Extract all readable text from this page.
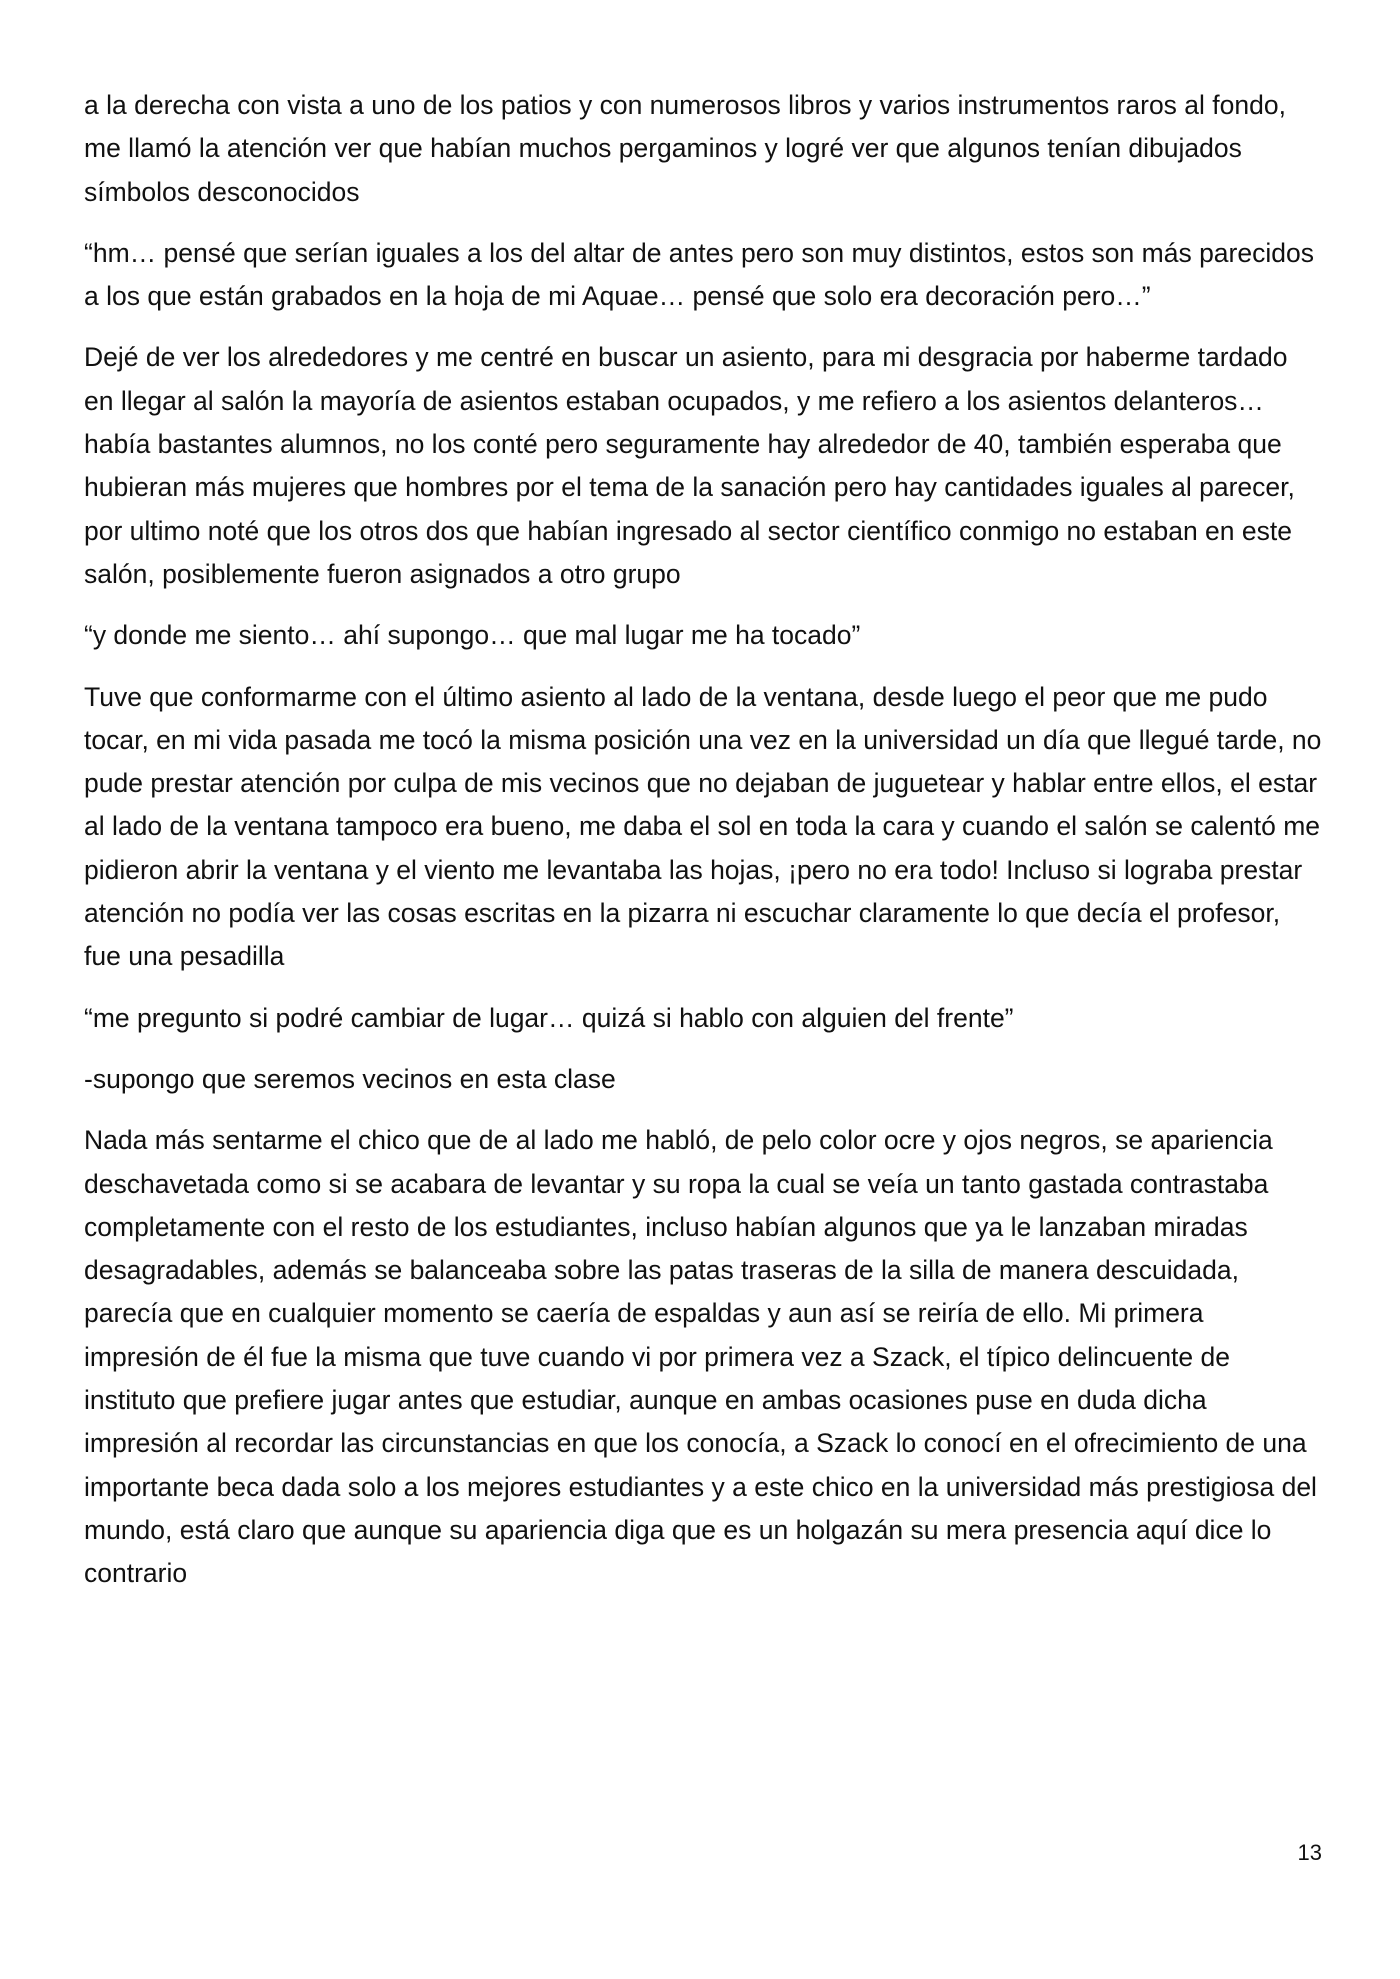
a la derecha con vista a uno de los patios y con numerosos libros y varios instrumentos raros al fondo, me llamó la atención ver que habían muchos pergaminos y logré ver que algunos tenían dibujados símbolos desconocidos

“hm… pensé que serían iguales a los del altar de antes pero son muy distintos, estos son más parecidos a los que están grabados en la hoja de mi Aquae… pensé que solo era decoración pero…”

Dejé de ver los alrededores y me centré en buscar un asiento, para mi desgracia por haberme tardado en llegar al salón la mayoría de asientos estaban ocupados, y me refiero a los asientos delanteros… había bastantes alumnos, no los conté pero seguramente hay alrededor de 40, también esperaba que hubieran más mujeres que hombres por el tema de la sanación pero hay cantidades iguales al parecer, por ultimo noté que los otros dos que habían ingresado al sector científico conmigo no estaban en este salón, posiblemente fueron asignados a otro grupo

“y donde me siento… ahí supongo… que mal lugar me ha tocado”

Tuve que conformarme con el último asiento al lado de la ventana, desde luego el peor que me pudo tocar, en mi vida pasada me tocó la misma posición una vez en la universidad un día que llegué tarde, no pude prestar atención por culpa de mis vecinos que no dejaban de juguetear y hablar entre ellos, el estar al lado de la ventana tampoco era bueno, me daba el sol en toda la cara y cuando el salón se calentó me pidieron abrir la ventana y el viento me levantaba las hojas, ¡pero no era todo! Incluso si lograba prestar atención no podía ver las cosas escritas en la pizarra ni escuchar claramente lo que decía el profesor, fue una pesadilla

“me pregunto si podré cambiar de lugar… quizá si hablo con alguien del frente”

-supongo que seremos vecinos en esta clase

Nada más sentarme el chico que de al lado me habló, de pelo color ocre y ojos negros, se apariencia deschavetada como si se acabara de levantar y su ropa la cual se veía un tanto gastada contrastaba completamente con el resto de los estudiantes, incluso habían algunos que ya le lanzaban miradas desagradables, además se balanceaba sobre las patas traseras de la silla de manera descuidada, parecía que en cualquier momento se caería de espaldas y aun así se reiría de ello. Mi primera impresión de él fue la misma que tuve cuando vi por primera vez a Szack, el típico delincuente de instituto que prefiere jugar antes que estudiar, aunque en ambas ocasiones puse en duda dicha impresión al recordar las circunstancias en que los conocía, a Szack lo conocí en el ofrecimiento de una importante beca dada solo a los mejores estudiantes y a este chico en la universidad más prestigiosa del mundo, está claro que aunque su apariencia diga que es un holgazán su mera presencia aquí dice lo contrario

13
